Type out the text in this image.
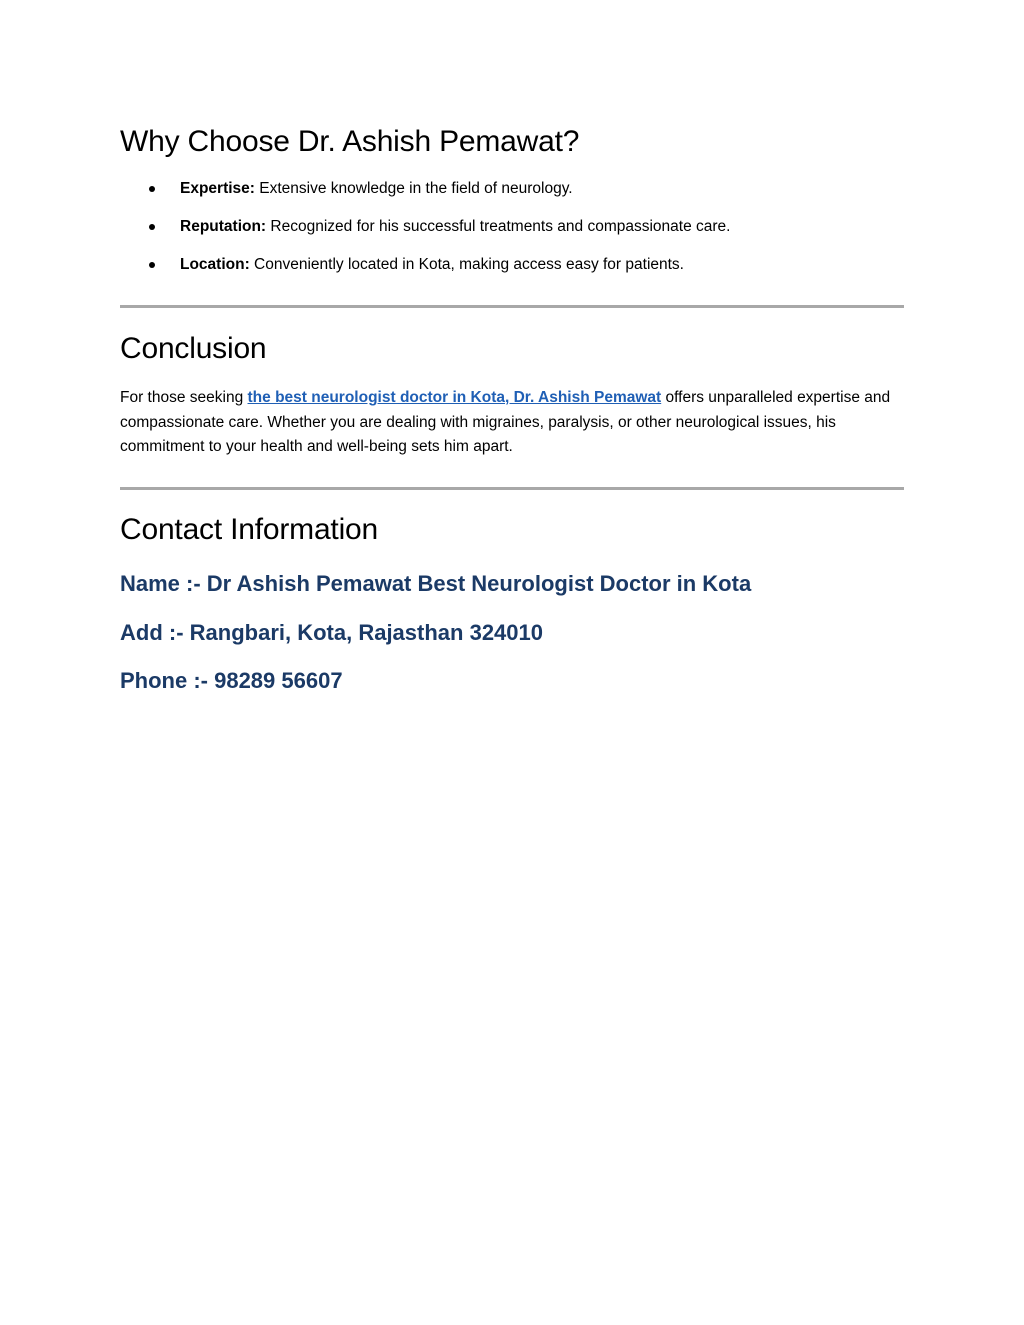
Why Choose Dr. Ashish Pemawat?
Expertise: Extensive knowledge in the field of neurology.
Reputation: Recognized for his successful treatments and compassionate care.
Location: Conveniently located in Kota, making access easy for patients.
Conclusion

For those seeking the best neurologist doctor in Kota, Dr. Ashish Pemawat offers unparalleled expertise and compassionate care. Whether you are dealing with migraines, paralysis, or other neurological issues, his commitment to your health and well-being sets him apart.

Contact Information

Name :- Dr Ashish Pemawat Best Neurologist Doctor in Kota

Add :- Rangbari, Kota, Rajasthan 324010

Phone :- 98289 56607
